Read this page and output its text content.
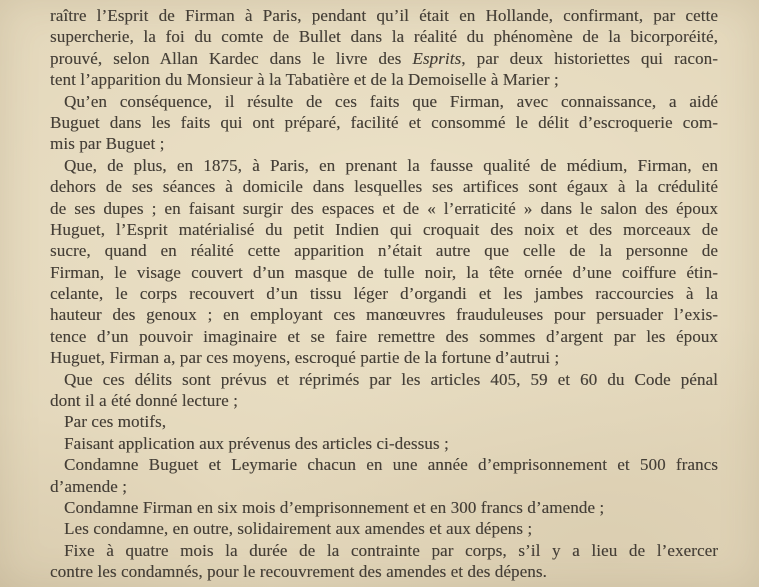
raître l’Esprit de Firman à Paris, pendant qu’il était en Hollande, confirmant, par cette
supercherie, la foi du comte de Bullet dans la réalité du phénomène de la bicorporéité,
prouvé, selon Allan Kardec dans le livre des Esprits, par deux historiettes qui racon-
tent l’apparition du Monsieur à la Tabatière et de la Demoiselle à Marier ;
Qu’en conséquence, il résulte de ces faits que Firman, avec connaissance, a aidé
Buguet dans les faits qui ont préparé, facilité et consommé le délit d’escroquerie com-
mis par Buguet ;
Que, de plus, en 1875, à Paris, en prenant la fausse qualité de médium, Firman, en
dehors de ses séances à domicile dans lesquelles ses artifices sont égaux à la crédulité
de ses dupes ; en faisant surgir des espaces et de « l’erraticité » dans le salon des époux
Huguet, l’Esprit matérialisé du petit Indien qui croquait des noix et des morceaux de
sucre, quand en réalité cette apparition n’était autre que celle de la personne de
Firman, le visage couvert d’un masque de tulle noir, la tête ornée d’une coiffure étin-
celante, le corps recouvert d’un tissu léger d’organdi et les jambes raccourcies à la
hauteur des genoux ; en employant ces manœuvres frauduleuses pour persuader l’exis-
tence d’un pouvoir imaginaire et se faire remettre des sommes d’argent par les époux
Huguet, Firman a, par ces moyens, escroqué partie de la fortune d’autrui ;
Que ces délits sont prévus et réprimés par les articles 405, 59 et 60 du Code pénal
dont il a été donné lecture ;
Par ces motifs,
Faisant application aux prévenus des articles ci-dessus ;
Condamne Buguet et Leymarie chacun en une année d’emprisonnement et 500 francs
d’amende ;
Condamne Firman en six mois d’emprisonnement et en 300 francs d’amende ;
Les condamne, en outre, solidairement aux amendes et aux dépens ;
Fixe à quatre mois la durée de la contrainte par corps, s’il y a lieu de l’exercer
contre les condamnés, pour le recouvrement des amendes et des dépens.
